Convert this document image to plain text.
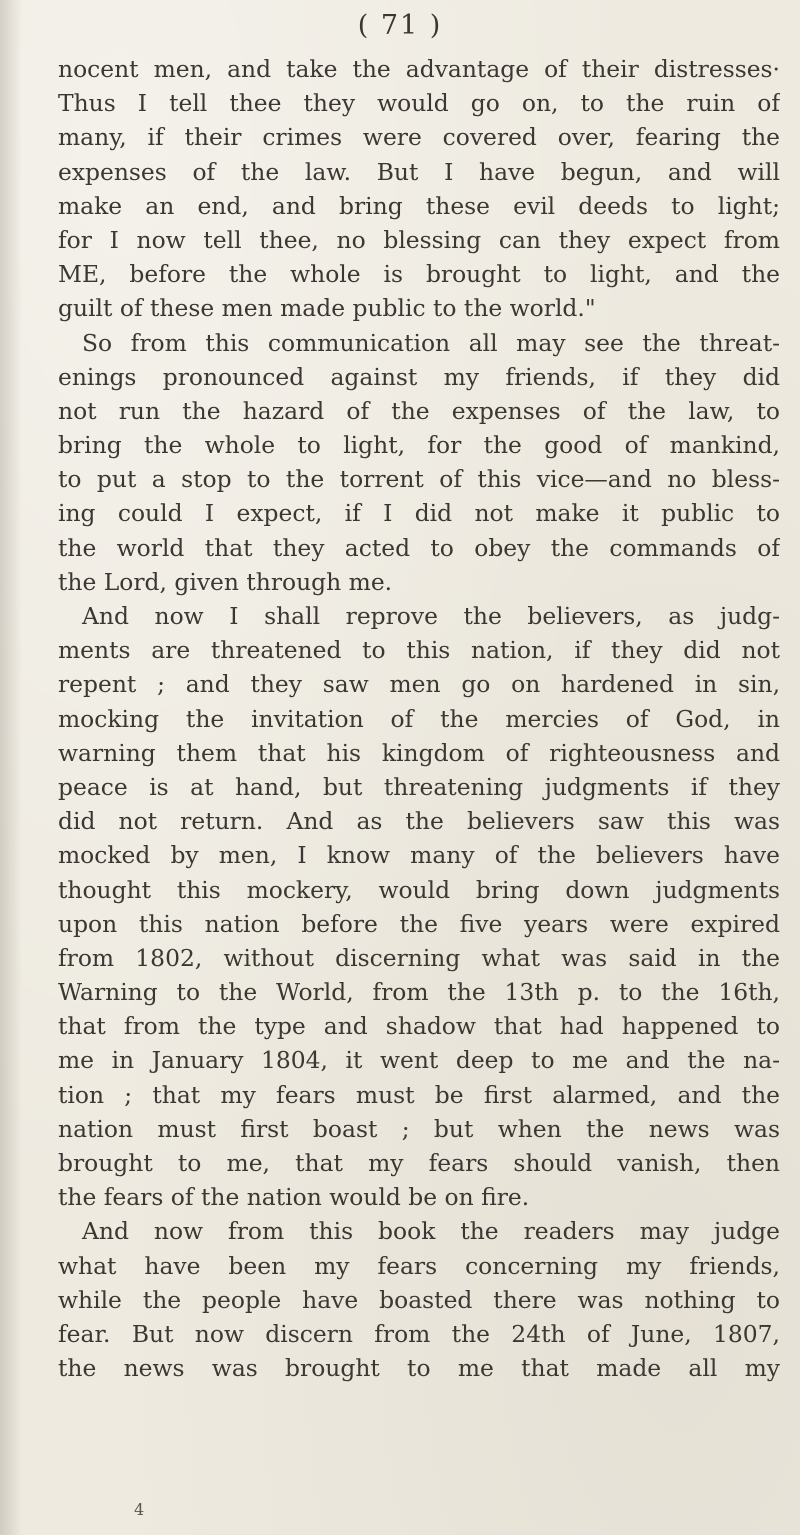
( 71 )
nocent men, and take the advantage of their distresses·
Thus I tell thee they would go on, to the ruin of
many, if their crimes were covered over, fearing the
expenses of the law. But I have begun, and will
make an end, and bring these evil deeds to light;
for I now tell thee, no blessing can they expect from
ME, before the whole is brought to light, and the
guilt of these men made public to the world."
So from this communication all may see the threat-
enings pronounced against my friends, if they did
not run the hazard of the expenses of the law, to
bring the whole to light, for the good of mankind,
to put a stop to the torrent of this vice—and no bless-
ing could I expect, if I did not make it public to
the world that they acted to obey the commands of
the Lord, given through me.
And now I shall reprove the believers, as judg-
ments are threatened to this nation, if they did not
repent ; and they saw men go on hardened in sin,
mocking the invitation of the mercies of God, in
warning them that his kingdom of righteousness and
peace is at hand, but threatening judgments if they
did not return. And as the believers saw this was
mocked by men, I know many of the believers have
thought this mockery, would bring down judgments
upon this nation before the five years were expired
from 1802, without discerning what was said in the
Warning to the World, from the 13th p. to the 16th,
that from the type and shadow that had happened to
me in January 1804, it went deep to me and the na-
tion ; that my fears must be first alarmed, and the
nation must first boast ; but when the news was
brought to me, that my fears should vanish, then
the fears of the nation would be on fire.
And now from this book the readers may judge
what have been my fears concerning my friends,
while the people have boasted there was nothing to
fear. But now discern from the 24th of June, 1807,
the news was brought to me that made all my
4
